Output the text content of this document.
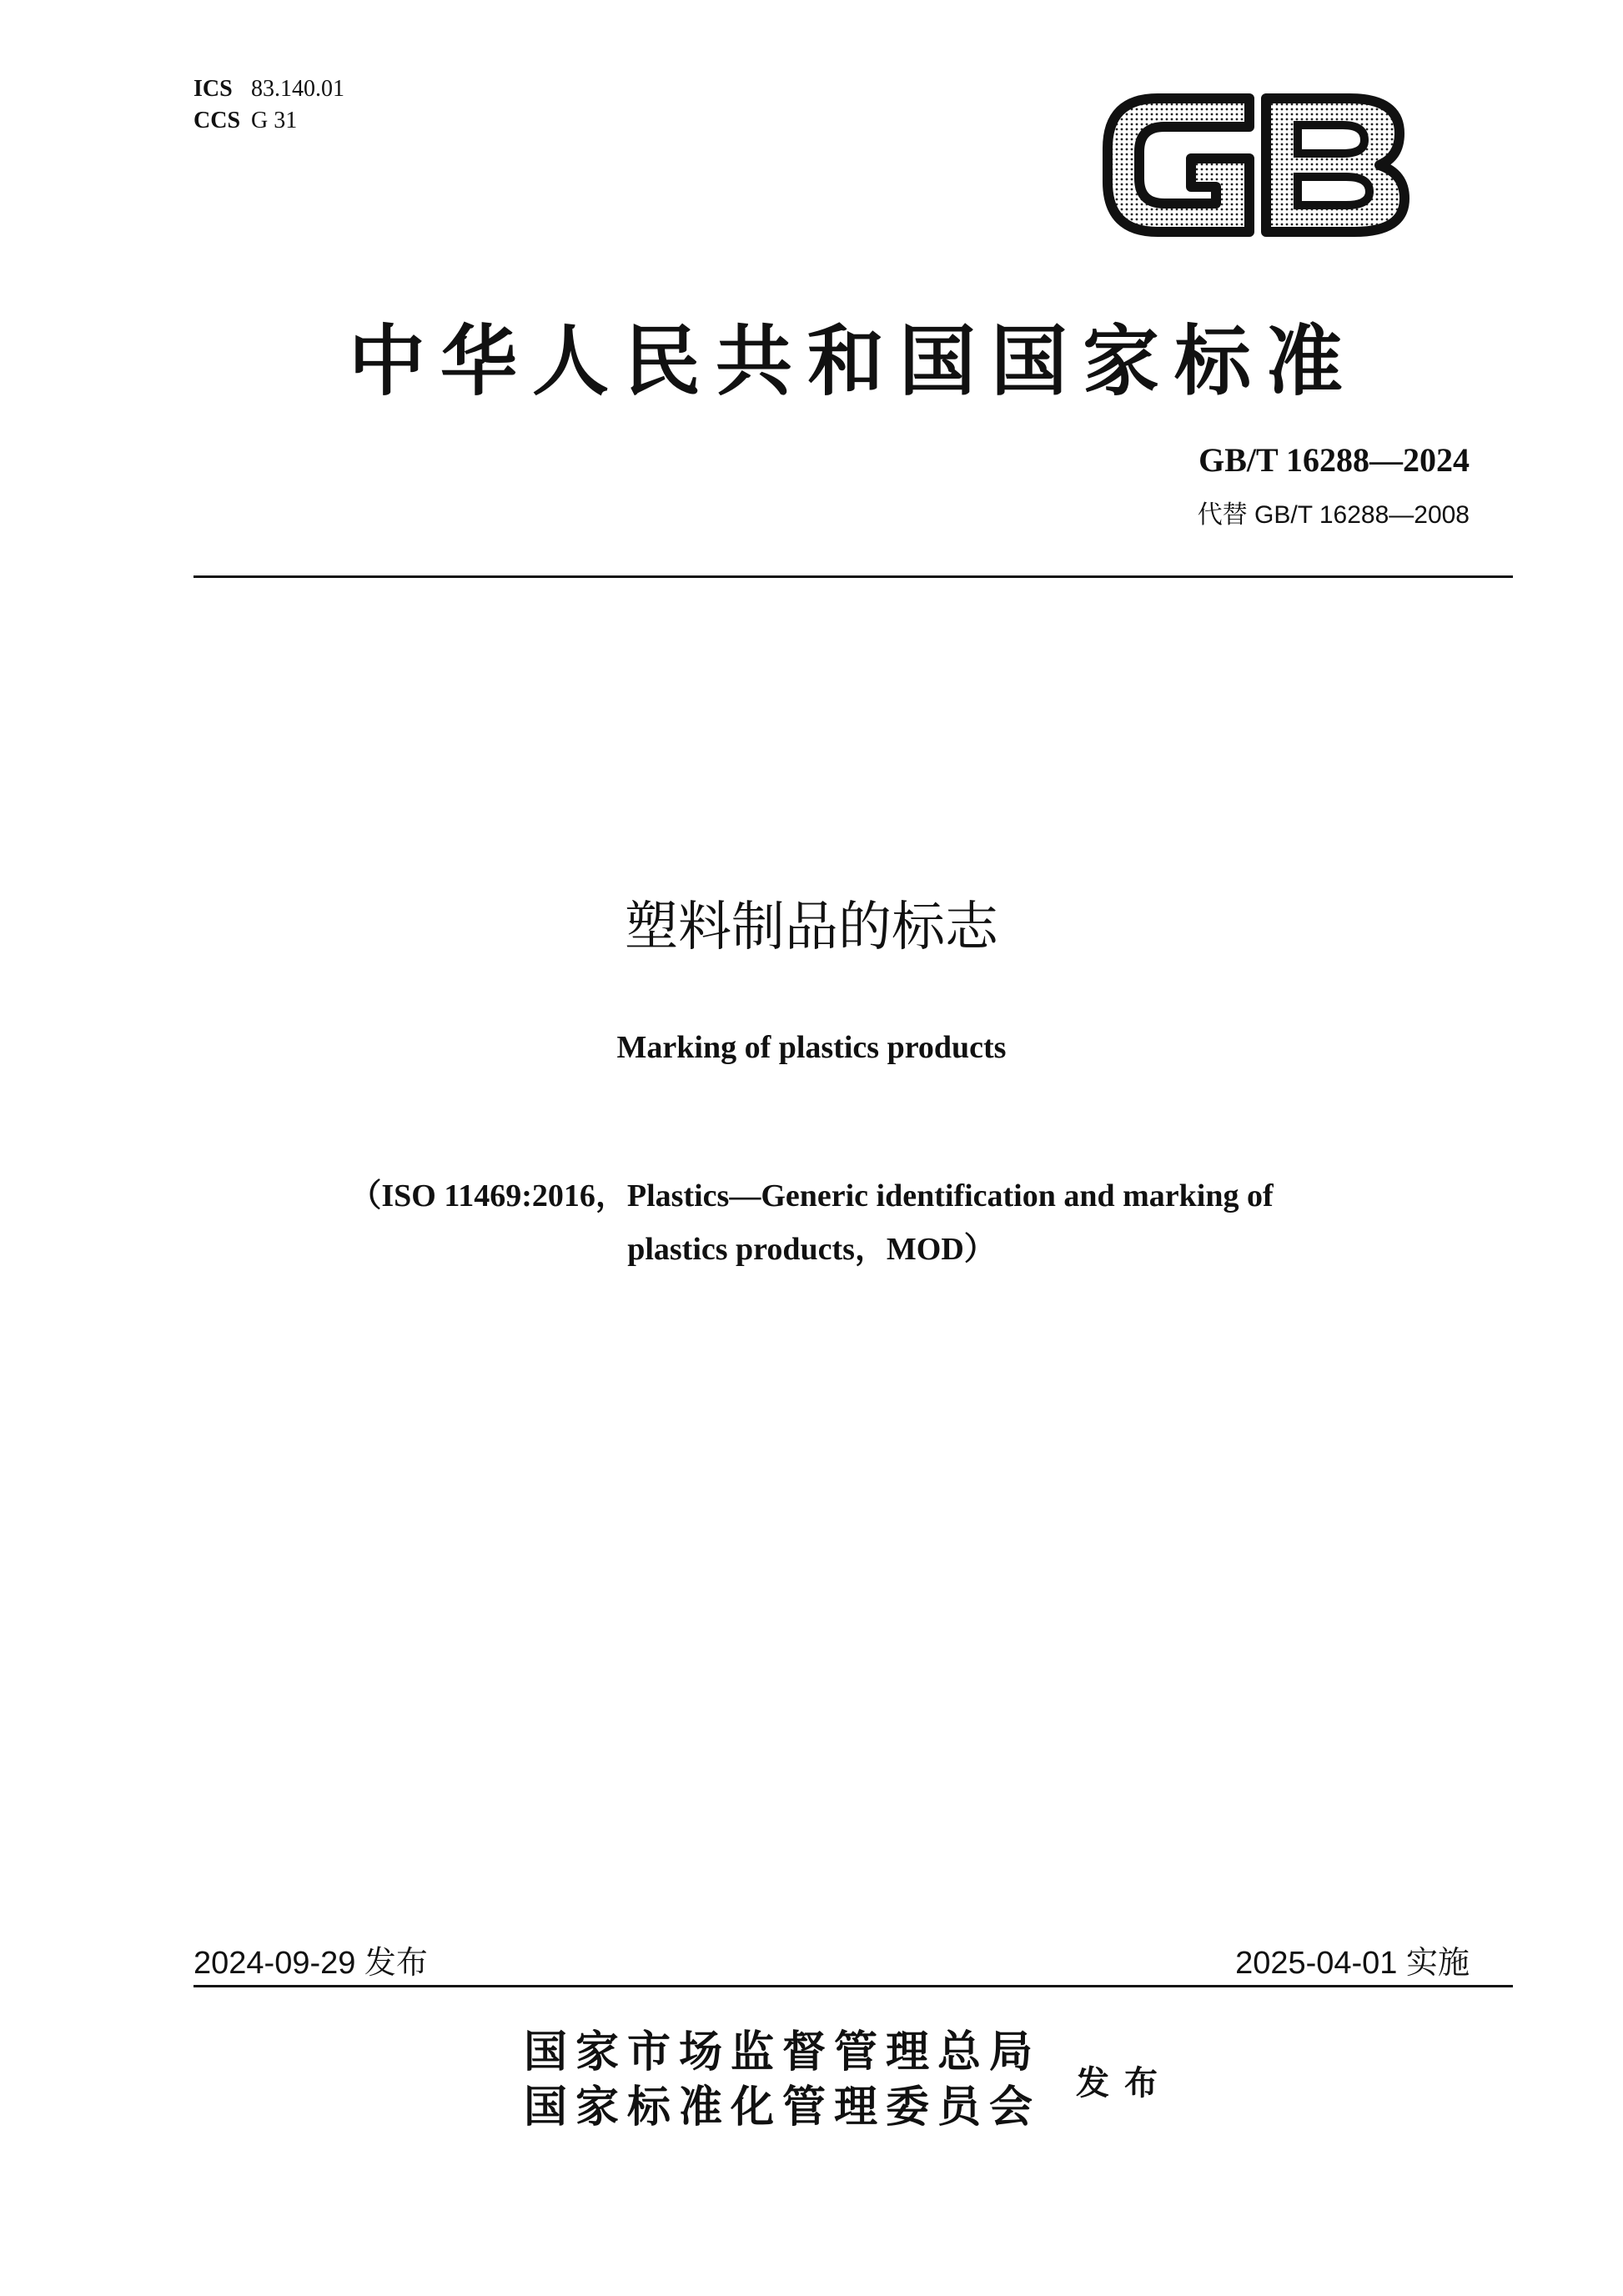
ICS 83.140.01
CCS G 31
中华人民共和国国家标准
GB/T 16288—2024
代替 GB/T 16288—2008
塑料制品的标志
Marking of plastics products
（ISO 11469:2016，Plastics—Generic identification and marking of
plastics products，MOD）
2024-09-29 发布	2025-04-01 实施
国家市场监督管理总局
国家标准化管理委员会 发布
